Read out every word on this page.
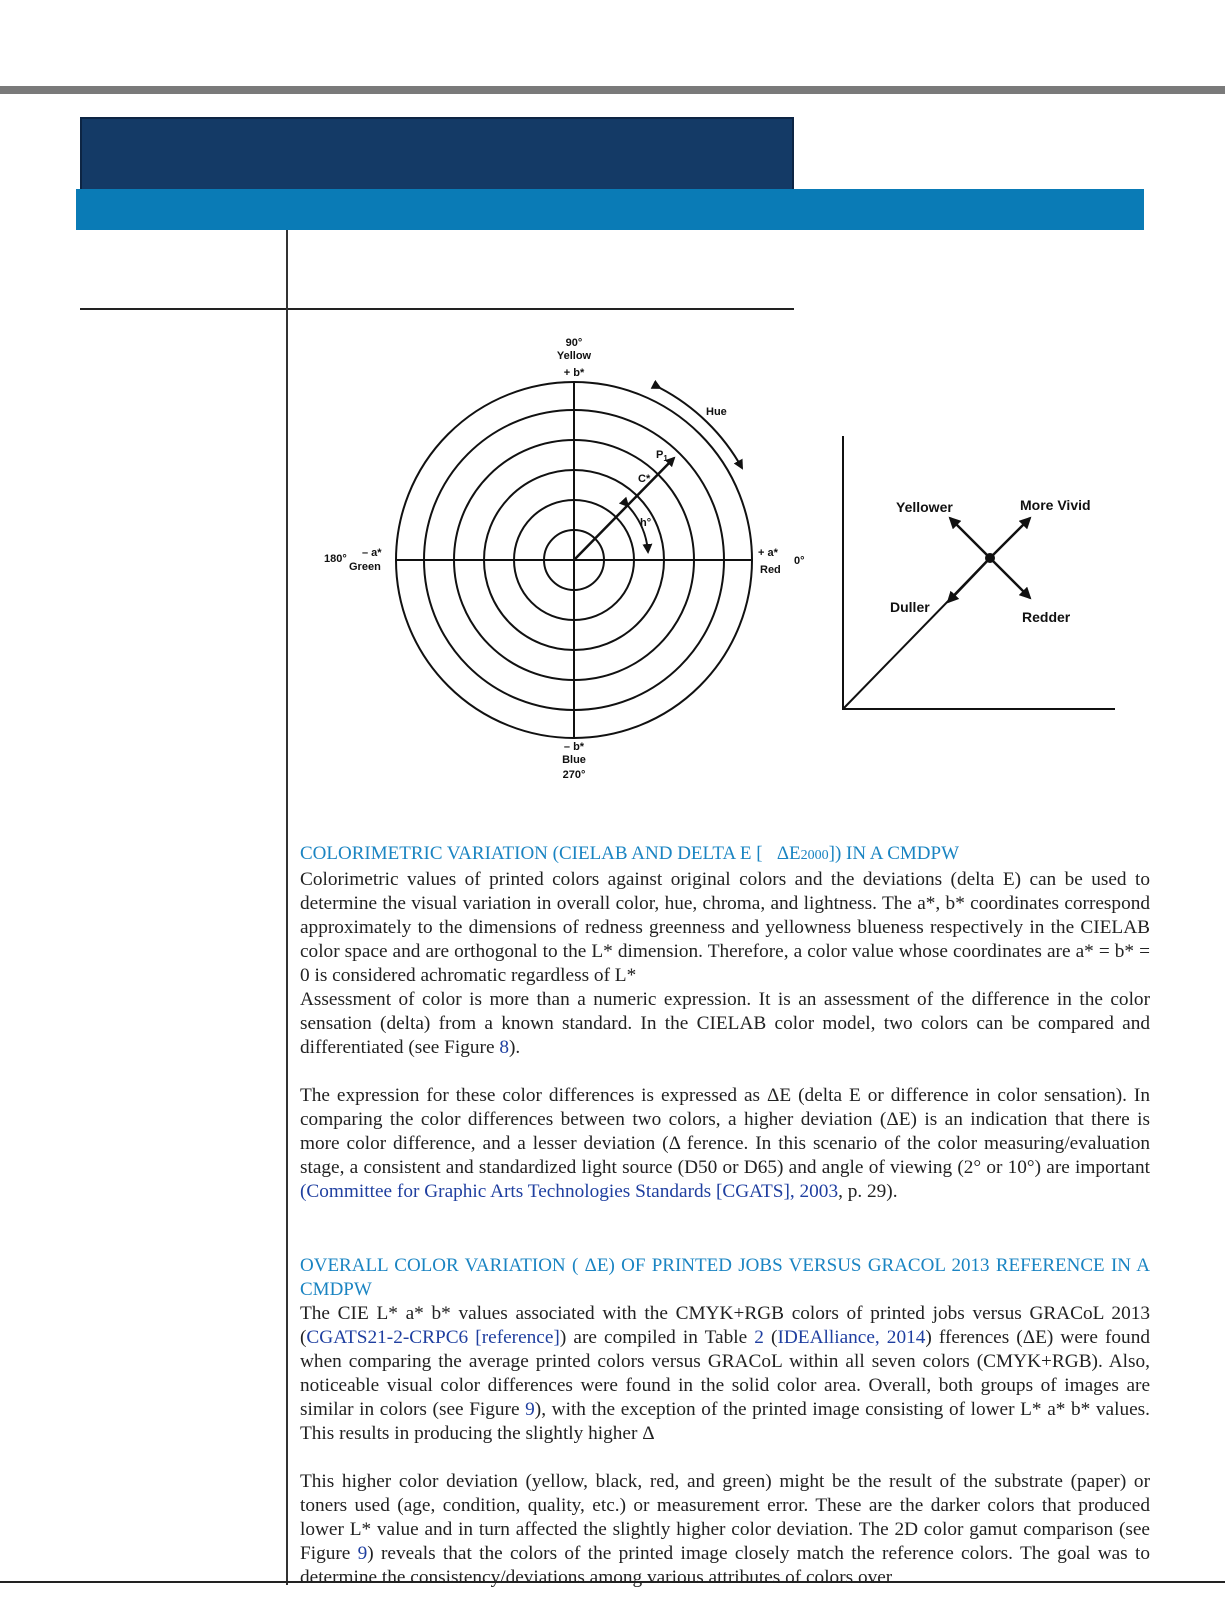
90°
Yellow
+ b*
– b*
Blue
270°
180° – a*
Green
+ a*
Red
0°
Hue
$P_1$
C*
h°
Yellower	More Vivid
Duller
Redder
COLORIMETRIC VARIATION (CIELAB AND DELTA E [ ΔE2000]) IN A CMDPW

Colorimetric values of printed colors against original colors and the deviations (delta E) can be used to determine the visual variation in overall color, hue, chroma, and lightness. The a*, b* coordinates correspond approximately to the dimensions of redness greenness and yellowness blueness respectively in the CIELAB color space and are orthogonal to the L* dimension. Therefore, a color value whose coordinates are a* = b* = 0 is considered achromatic regardless of L*

Assessment of color is more than a numeric expression. It is an assessment of the difference in the color sensation (delta) from a known standard. In the CIELAB color model, two colors can be compared and differentiated (see Figure 8).

The expression for these color differences is expressed as ΔE (delta E or difference in color sensation). In comparing the color differences between two colors, a higher deviation (ΔE) is an indication that there is more color difference, and a lesser deviation (Δ ference. In this scenario of the color measuring/evaluation stage, a consistent and standardized light source (D50 or D65) and angle of viewing (2° or 10°) are important (Committee for Graphic Arts Technologies Standards [CGATS], 2003, p. 29).

OVERALL COLOR VARIATION ( ΔE) OF PRINTED JOBS VERSUS GRACOL 2013 REFERENCE IN A CMDPW

The CIE L* a* b* values associated with the CMYK+RGB colors of printed jobs versus GRACoL 2013 (CGATS21-2-CRPC6 [reference]) are compiled in Table 2 (IDEAlliance, 2014) fferences (ΔE) were found when comparing the average printed colors versus GRACoL within all seven colors (CMYK+RGB). Also, noticeable visual color differences were found in the solid color area. Overall, both groups of images are similar in colors (see Figure 9), with the exception of the printed image consisting of lower L* a* b* values. This results in producing the slightly higher Δ

This higher color deviation (yellow, black, red, and green) might be the result of the substrate (paper) or toners used (age, condition, quality, etc.) or measurement error. These are the darker colors that produced lower L* value and in turn affected the slightly higher color deviation. The 2D color gamut comparison (see Figure 9) reveals that the colors of the printed image closely match the reference colors. The goal was to determine the consistency/deviations among various attributes of colors over
